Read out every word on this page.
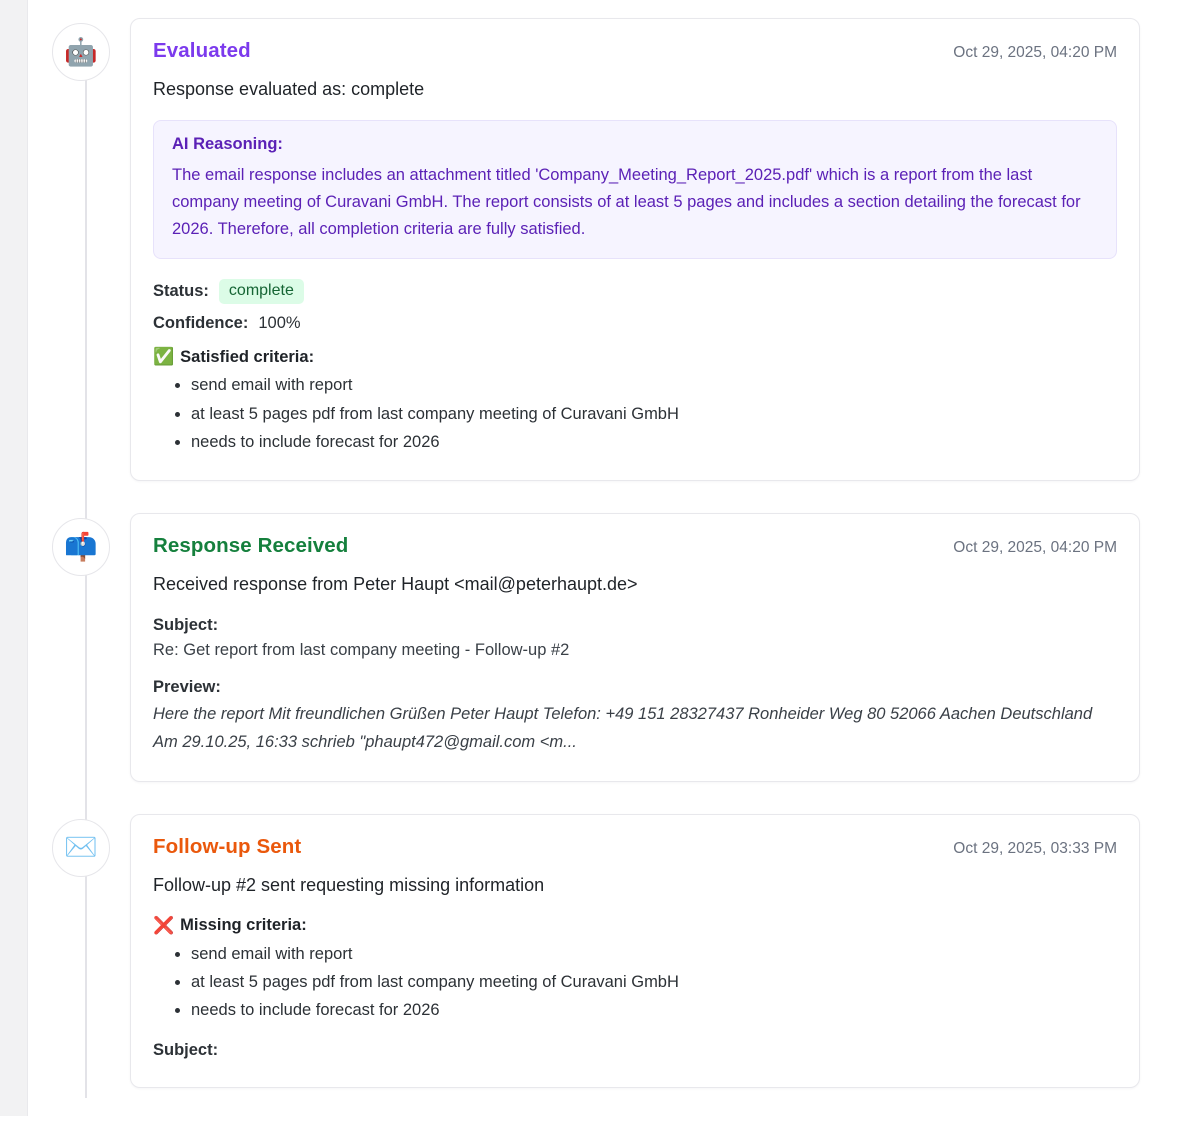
🤖	Evaluated	Oct 29, 2025, 04:20 PM

Response evaluated as: complete

AI Reasoning:
The email response includes an attachment titled 'Company_Meeting_Report_2025.pdf' which is a report from the last company meeting of Curavani GmbH. The report consists of at least 5 pages and includes a section detailing the forecast for 2026. Therefore, all completion criteria are fully satisfied.
Status:	complete
Confidence: 100%
✅ Satisfied criteria:
• send email with report
• at least 5 pages pdf from last company meeting of Curavani GmbH
• needs to include forecast for 2026
📫	Response Received	Oct 29, 2025, 04:20 PM

Received response from Peter Haupt <mail@peterhaupt.de>

Subject:
Re: Get report from last company meeting - Follow-up #2
Preview:
Here the report Mit freundlichen Grüßen Peter Haupt Telefon: +49 151 28327437 Ronheider Weg 80 52066 Aachen Deutschland Am 29.10.25, 16:33 schrieb "phaupt472@gmail.com <m...
✉️	Follow-up Sent	Oct 29, 2025, 03:33 PM

Follow-up #2 sent requesting missing information

❌ Missing criteria:
• send email with report
• at least 5 pages pdf from last company meeting of Curavani GmbH
• needs to include forecast for 2026
Subject:
